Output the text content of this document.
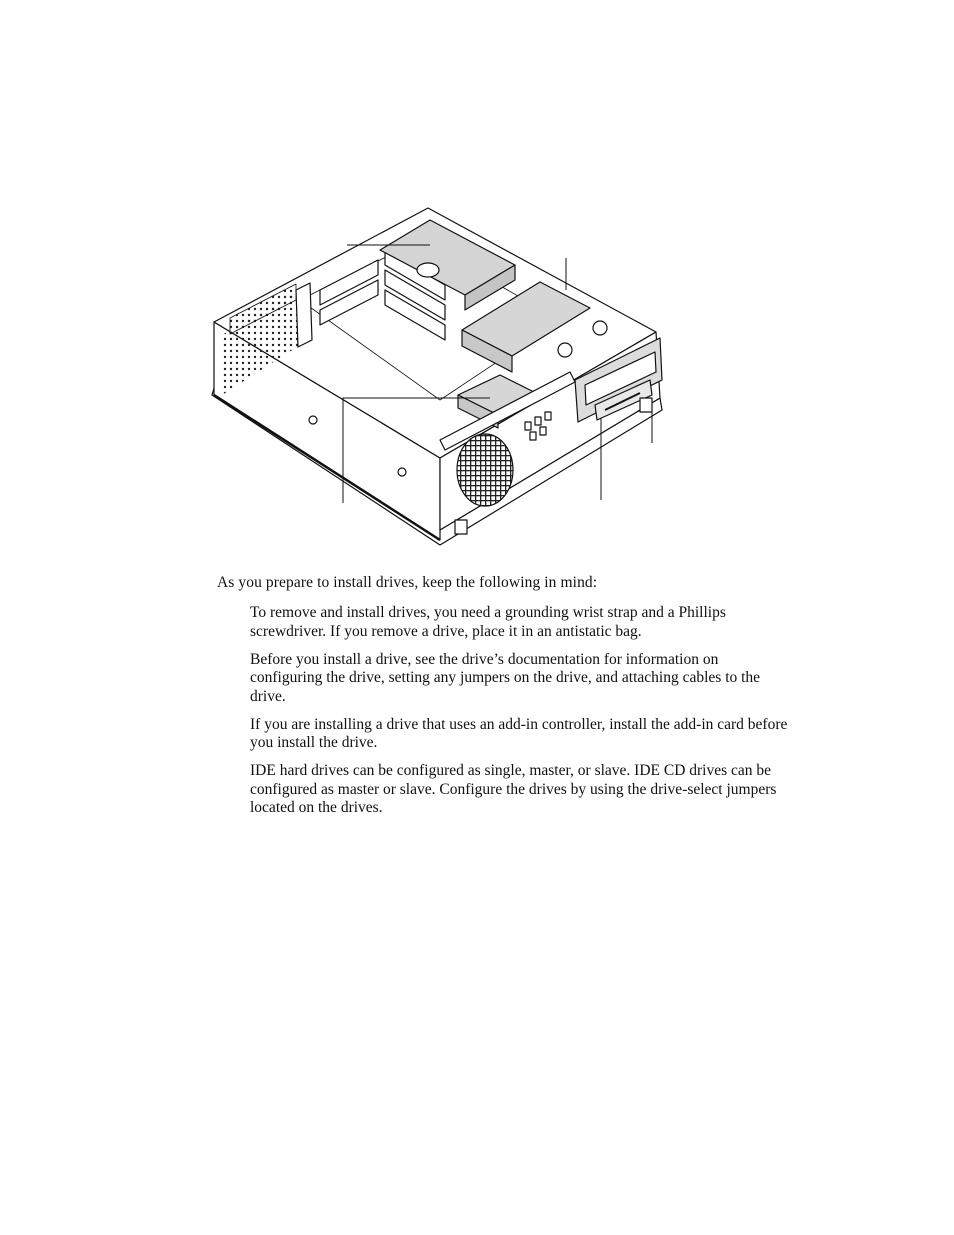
As you prepare to install drives, keep the following in mind:
To remove and install drives, you need a grounding wrist strap and a Phillips screwdriver. If you remove a drive, place it in an antistatic bag.
Before you install a drive, see the drive’s documentation for information on configuring the drive, setting any jumpers on the drive, and attaching cables to the drive.
If you are installing a drive that uses an add-in controller, install the add-in card before you install the drive.
IDE hard drives can be configured as single, master, or slave. IDE CD drives can be configured as master or slave. Configure the drives by using the drive-select jumpers located on the drives.
